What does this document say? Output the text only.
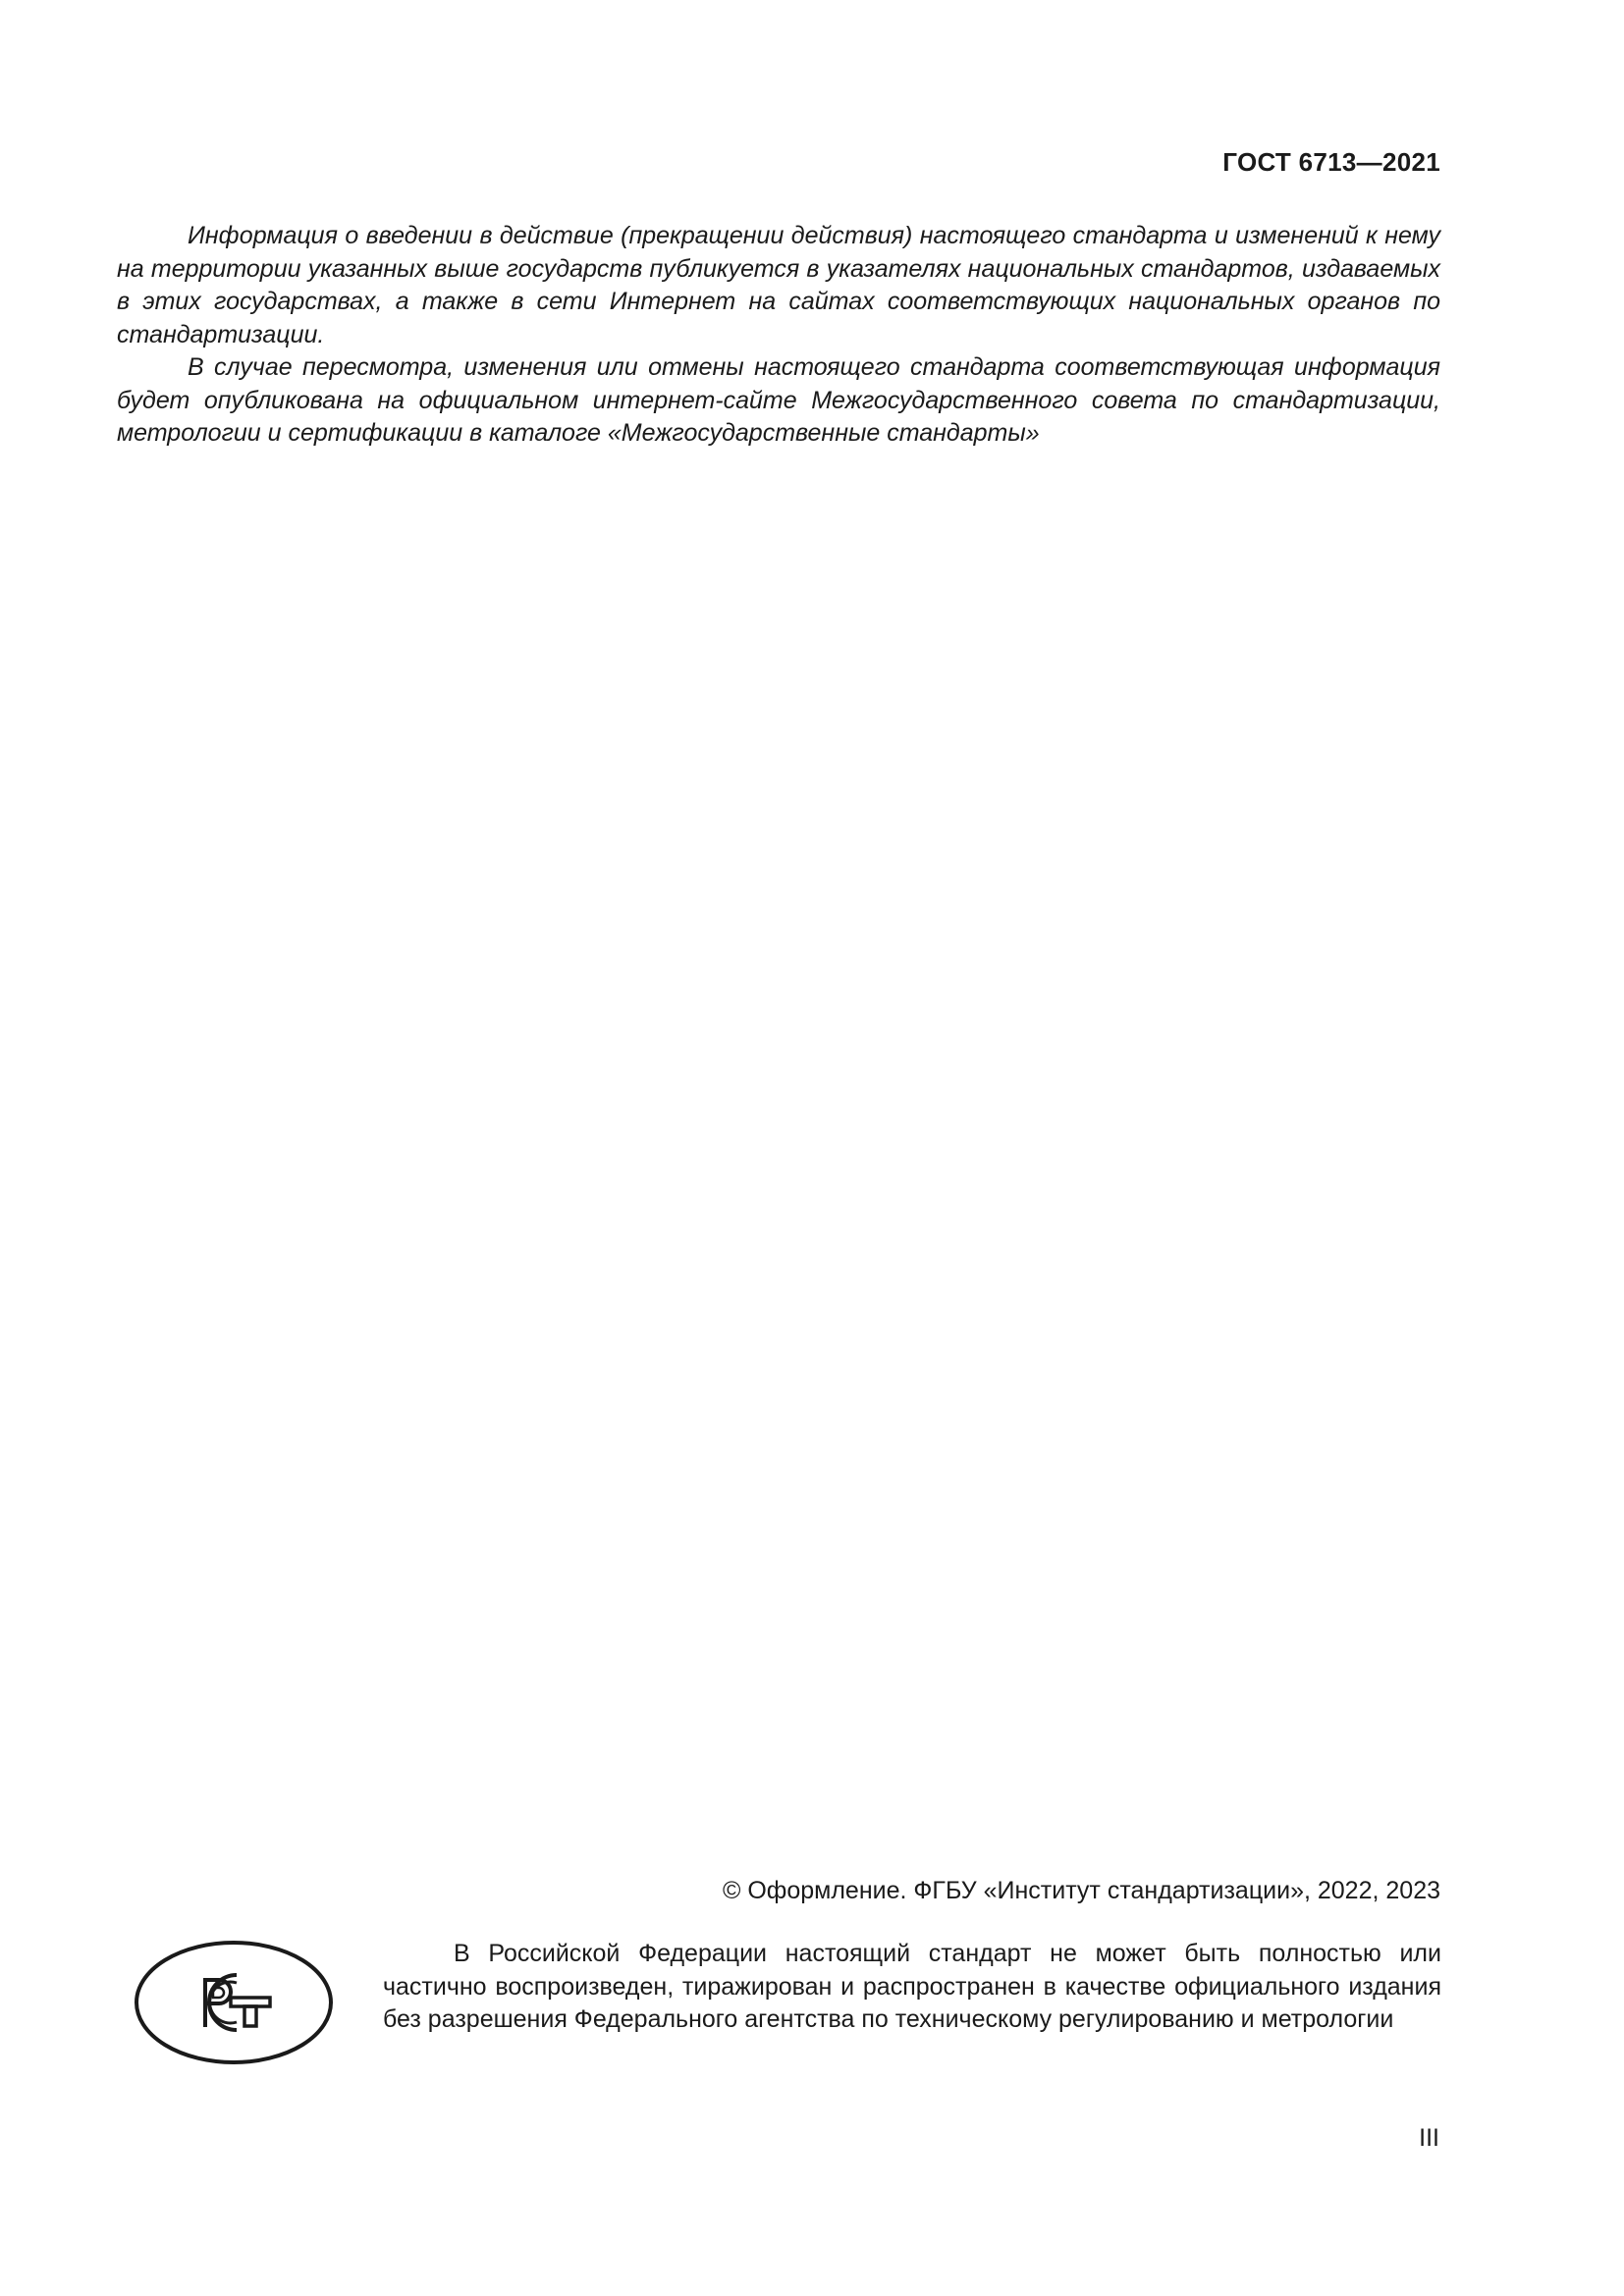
ГОСТ 6713—2021

Информация о введении в действие (прекращении действия) настоящего стандарта и изменений к нему на территории указанных выше государств публикуется в указателях национальных стандартов, издаваемых в этих государствах, а также в сети Интернет на сайтах соответствующих национальных органов по стандартизации.

В случае пересмотра, изменения или отмены настоящего стандарта соответствующая информация будет опубликована на официальном интернет-сайте Межгосударственного совета по стандартизации, метрологии и сертификации в каталоге «Межгосударственные стандарты»

© Оформление. ФГБУ «Институт стандартизации», 2022, 2023
В Российской Федерации настоящий стандарт не может быть полностью или частично воспроизведен, тиражирован и распространен в качестве официального издания без разрешения Федерального агентства по техническому регулированию и метрологии
III
